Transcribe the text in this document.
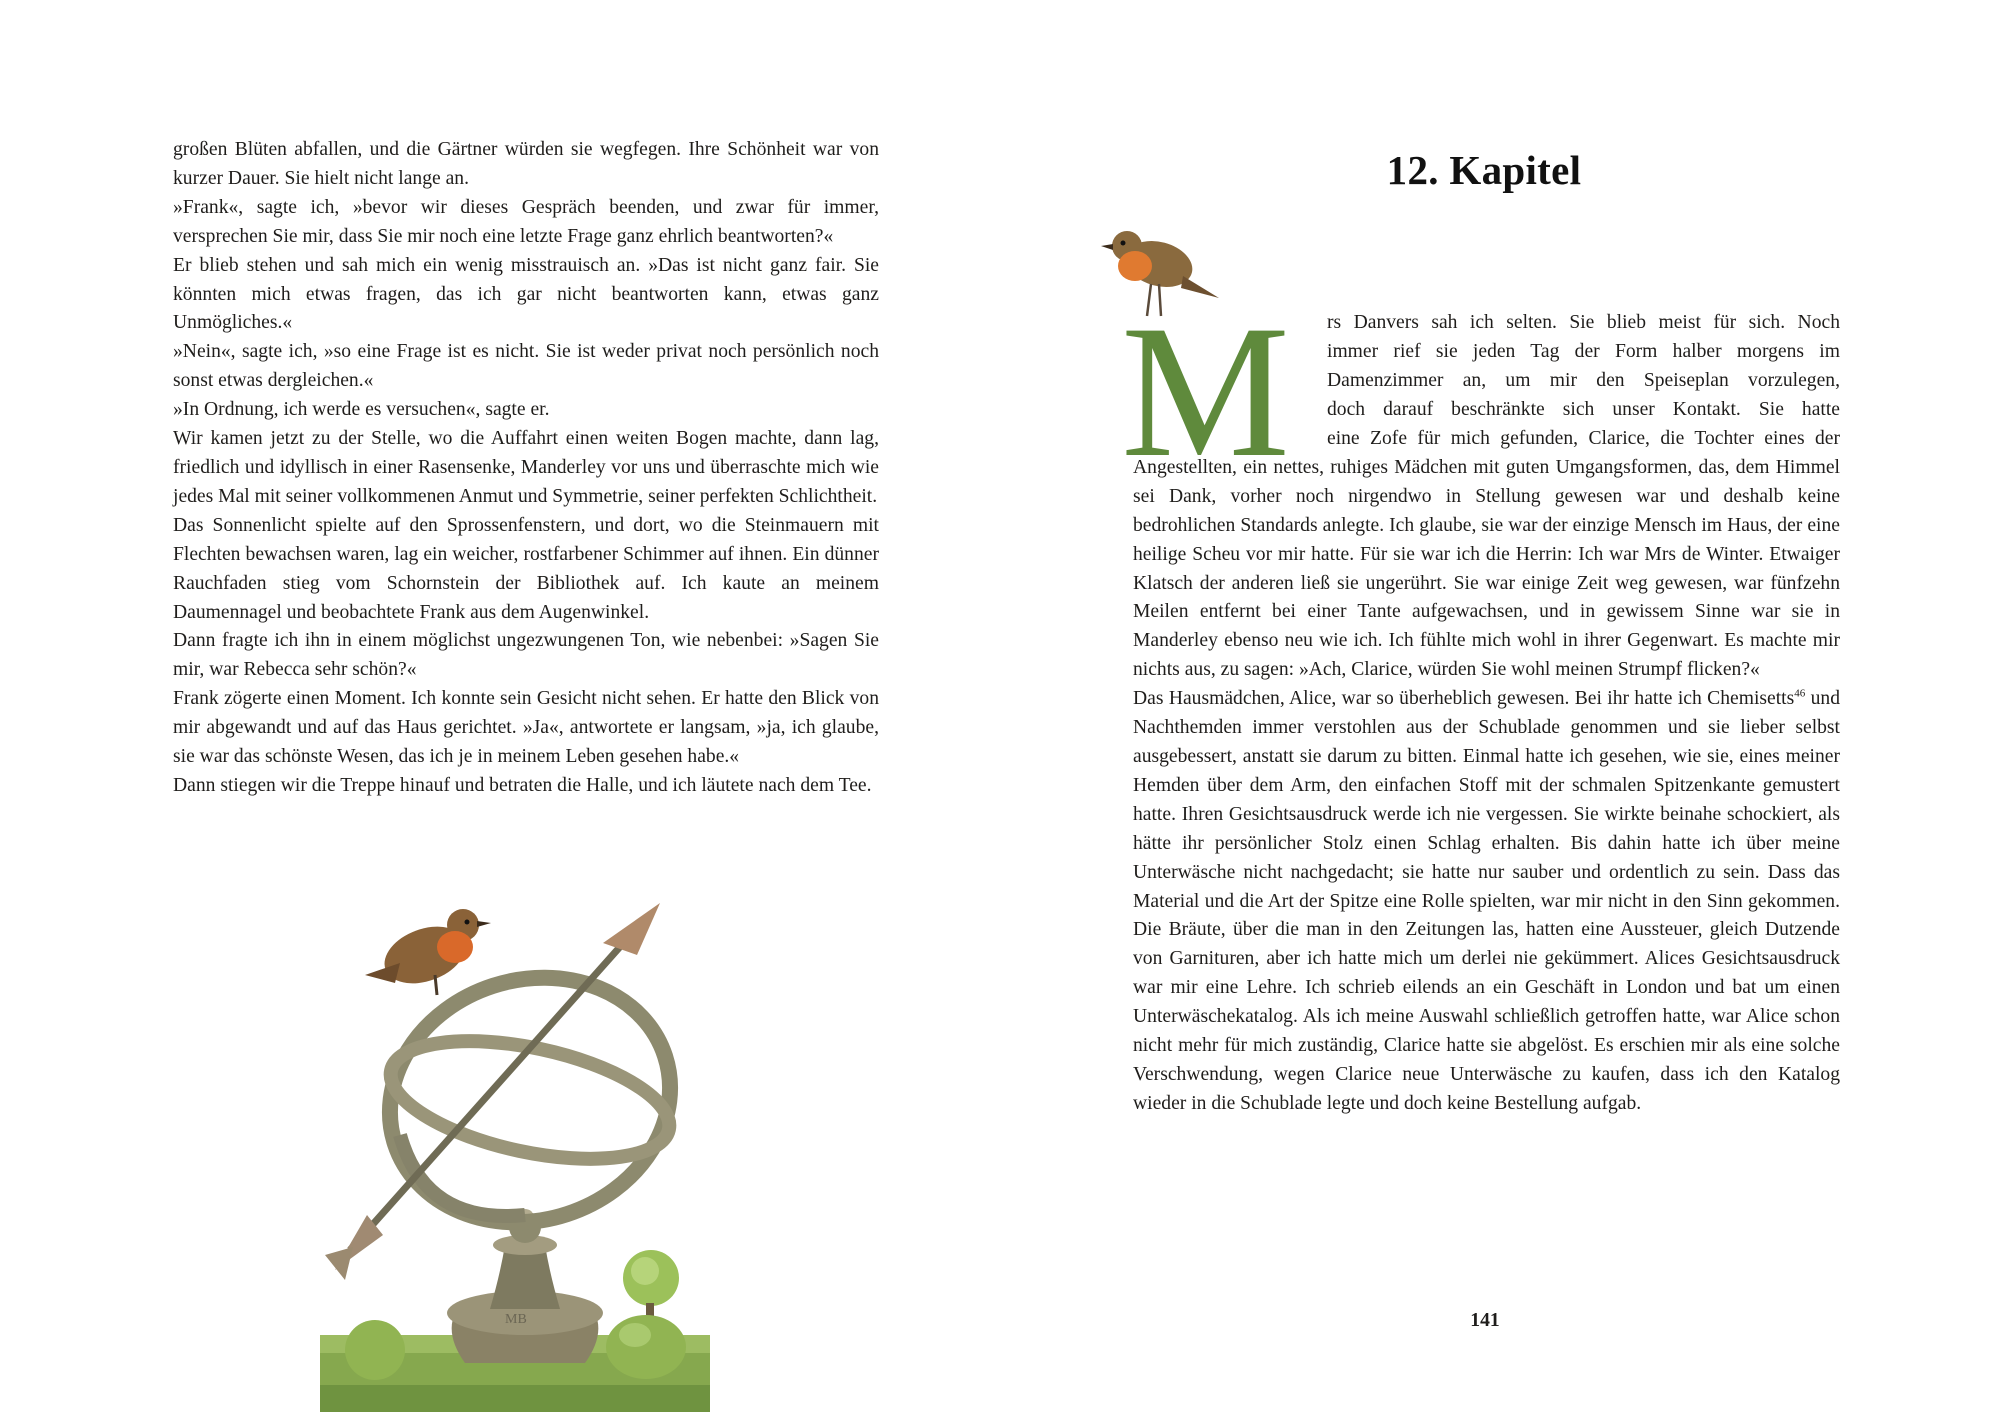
großen Blüten abfallen, und die Gärtner würden sie wegfegen. Ihre Schönheit war von kurzer Dauer. Sie hielt nicht lange an.

»Frank«, sagte ich, »bevor wir dieses Gespräch beenden, und zwar für immer, versprechen Sie mir, dass Sie mir noch eine letzte Frage ganz ehrlich beantworten?«

Er blieb stehen und sah mich ein wenig misstrauisch an. »Das ist nicht ganz fair. Sie könnten mich etwas fragen, das ich gar nicht beantworten kann, etwas ganz Unmögliches.«

»Nein«, sagte ich, »so eine Frage ist es nicht. Sie ist weder privat noch persönlich noch sonst etwas dergleichen.«

»In Ordnung, ich werde es versuchen«, sagte er.

Wir kamen jetzt zu der Stelle, wo die Auffahrt einen weiten Bogen machte, dann lag, friedlich und idyllisch in einer Rasensenke, Manderley vor uns und überraschte mich wie jedes Mal mit seiner vollkommenen Anmut und Symmetrie, seiner perfekten Schlichtheit.

Das Sonnenlicht spielte auf den Sprossenfenstern, und dort, wo die Steinmauern mit Flechten bewachsen waren, lag ein weicher, rostfarbener Schimmer auf ihnen. Ein dünner Rauchfaden stieg vom Schornstein der Bibliothek auf. Ich kaute an meinem Daumennagel und beobachtete Frank aus dem Augenwinkel.

Dann fragte ich ihn in einem möglichst ungezwungenen Ton, wie nebenbei: »Sagen Sie mir, war Rebecca sehr schön?«

Frank zögerte einen Moment. Ich konnte sein Gesicht nicht sehen. Er hatte den Blick von mir abgewandt und auf das Haus gerichtet. »Ja«, antwortete er langsam, »ja, ich glaube, sie war das schönste Wesen, das ich je in meinem Leben gesehen habe.«

Dann stiegen wir die Treppe hinauf und betraten die Halle, und ich läutete nach dem Tee.

MB
12. Kapitel
M rs Danvers sah ich selten. Sie blieb meist für sich. Noch

immer rief sie jeden Tag der Form halber morgens im

Damenzimmer an, um mir den Speiseplan vorzulegen,

doch darauf beschränkte sich unser Kontakt. Sie hatte

eine Zofe für mich gefunden, Clarice, die Tochter eines der Angestellten, ein nettes, ruhiges Mädchen mit guten Umgangsformen, das, dem Himmel sei Dank, vorher noch nirgendwo in Stellung gewesen war und deshalb keine bedrohlichen Standards anlegte. Ich glaube, sie war der einzige Mensch im Haus, der eine heilige Scheu vor mir hatte. Für sie war ich die Herrin: Ich war Mrs de Winter. Etwaiger Klatsch der anderen ließ sie ungerührt. Sie war einige Zeit weg gewesen, war fünfzehn Meilen entfernt bei einer Tante aufgewachsen, und in gewissem Sinne war sie in Manderley ebenso neu wie ich. Ich fühlte mich wohl in ihrer Gegenwart. Es machte mir nichts aus, zu sagen: »Ach, Clarice, würden Sie wohl meinen Strumpf flicken?«

Das Hausmädchen, Alice, war so überheblich gewesen. Bei ihr hatte ich Chemisetts$^{46}$ und Nachthemden immer verstohlen aus der Schublade genommen und sie lieber selbst ausgebessert, anstatt sie darum zu bitten. Einmal hatte ich gesehen, wie sie, eines meiner Hemden über dem Arm, den einfachen Stoff mit der schmalen Spitzenkante gemustert hatte. Ihren Gesichtsausdruck werde ich nie vergessen. Sie wirkte beinahe schockiert, als hätte ihr persönlicher Stolz einen Schlag erhalten. Bis dahin hatte ich über meine Unterwäsche nicht nachgedacht; sie hatte nur sauber und ordentlich zu sein. Dass das Material und die Art der Spitze eine Rolle spielten, war mir nicht in den Sinn gekommen. Die Bräute, über die man in den Zeitungen las, hatten eine Aussteuer, gleich Dutzende von Garnituren, aber ich hatte mich um derlei nie gekümmert. Alices Gesichtsausdruck war mir eine Lehre. Ich schrieb eilends an ein Geschäft in London und bat um einen Unterwäschekatalog. Als ich meine Auswahl schließlich getroffen hatte, war Alice schon nicht mehr für mich zuständig, Clarice hatte sie abgelöst. Es erschien mir als eine solche Verschwendung, wegen Clarice neue Unterwäsche zu kaufen, dass ich den Katalog wieder in die Schublade legte und doch keine Bestellung aufgab.

141
